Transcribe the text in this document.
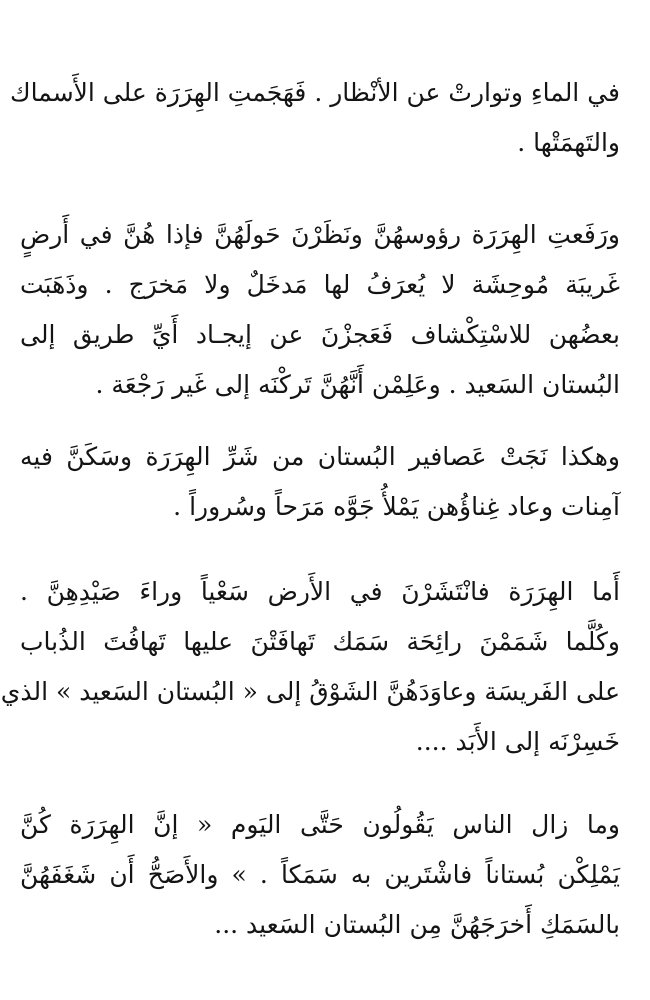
في الماءِ وتوارتْ عن الأنْظار . فَهَجَمتِ الهِرَرَة على الأَسماك
والتَهمَتْها .
ورَفَعتِ الهِرَرَة رؤوسهُنَّ ونَظَرْنَ حَولَهُنَّ فإذا هُنَّ في أَرضٍ
غَريبَة مُوحِشَة لا يُعرَفُ لها مَدخَلٌ ولا مَخرَج . وذَهَبَت
بعضُهن للاسْتِكْشاف فَعَجزْنَ عن إيجـاد أَيِّ طريق إلى
البُستان السَعيد . وعَلِمْن أَنَّهُنَّ تَركْنَه إلى غَير رَجْعَة .
وهكذا نَجَتْ عَصافير البُستان من شَرِّ الهِرَرَة وسَكَنَّ فيه
آمِنات وعاد غِناؤُهن يَمْلأُ جَوَّه مَرَحاً وسُروراً .
أَما الهِرَرَة فانْتَشَرْنَ في الأَرض سَعْياً وراءَ صَيْدِهِنَّ .
وكُلَّما شَمَمْنَ رائِحَة سَمَك تَهافَتْنَ عليها تَهافُتَ الذُباب
على الفَريسَة وعاوَدَهُنَّ الشَوْقُ إلى « البُستان السَعيد » الذي
خَسِرْنَه إلى الأَبَد ....
وما زال الناس يَقُولُون حَتَّى اليَوم « إنَّ الهِرَرَة كُنَّ
يَمْلِكْن بُستاناً فاشْتَرين به سَمَكاً . » والأَصَحُّ أَن شَغَفَهُنَّ
بالسَمَكِ أَخرَجَهُنَّ مِن البُستان السَعيد ...
